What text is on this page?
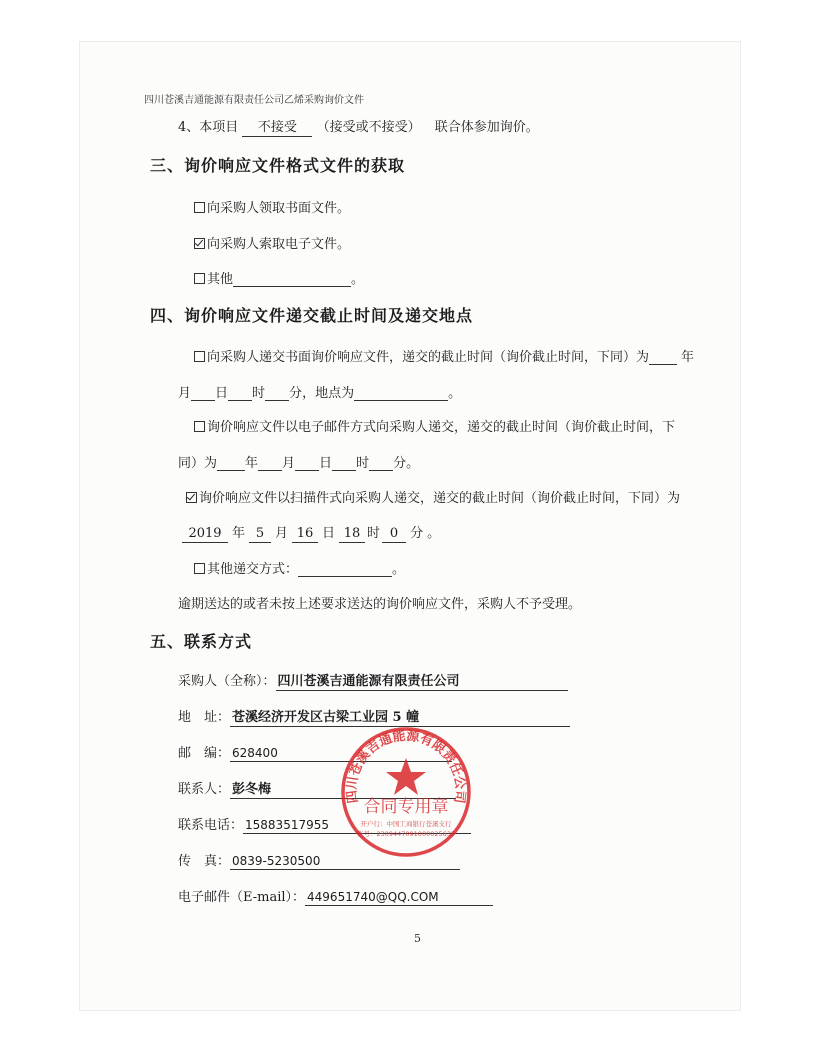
四川苍溪吉通能源有限责任公司乙烯采购询价文件
4、本项目 不接受 （接受或不接受） 联合体参加询价。
三、询价响应文件格式文件的获取
向采购人领取书面文件。
向采购人索取电子文件。
其他	。
四、询价响应文件递交截止时间及递交地点
向采购人递交书面询价响应文件，递交的截止时间（询价截止时间，下同）为 年
月 日 时 分，地点为	。
询价响应文件以电子邮件方式向采购人递交，递交的截止时间（询价截止时间，下
同）为 年 月 日 时 分。
询价响应文件以扫描件式向采购人递交，递交的截止时间（询价截止时间，下同）为
2019 年 5 月 16 日 18 时 0 分 。
其他递交方式：	。
逾期送达的或者未按上述要求送达的询价响应文件，采购人不予受理。
五、联系方式
采购人（全称）： 四川苍溪吉通能源有限责任公司
地　址： 苍溪经济开发区古梁工业园 5 幢
邮　编： 628400
联系人： 彭冬梅
联系电话： 15883517955
传　真： 0839-5230500
电子邮件（E-mail）： 449651740@QQ.COM
四川苍溪吉通能源有限责任公司
合同专用章
开户行：中国工商银行苍溪支行
账号：2309447091000025635
5
